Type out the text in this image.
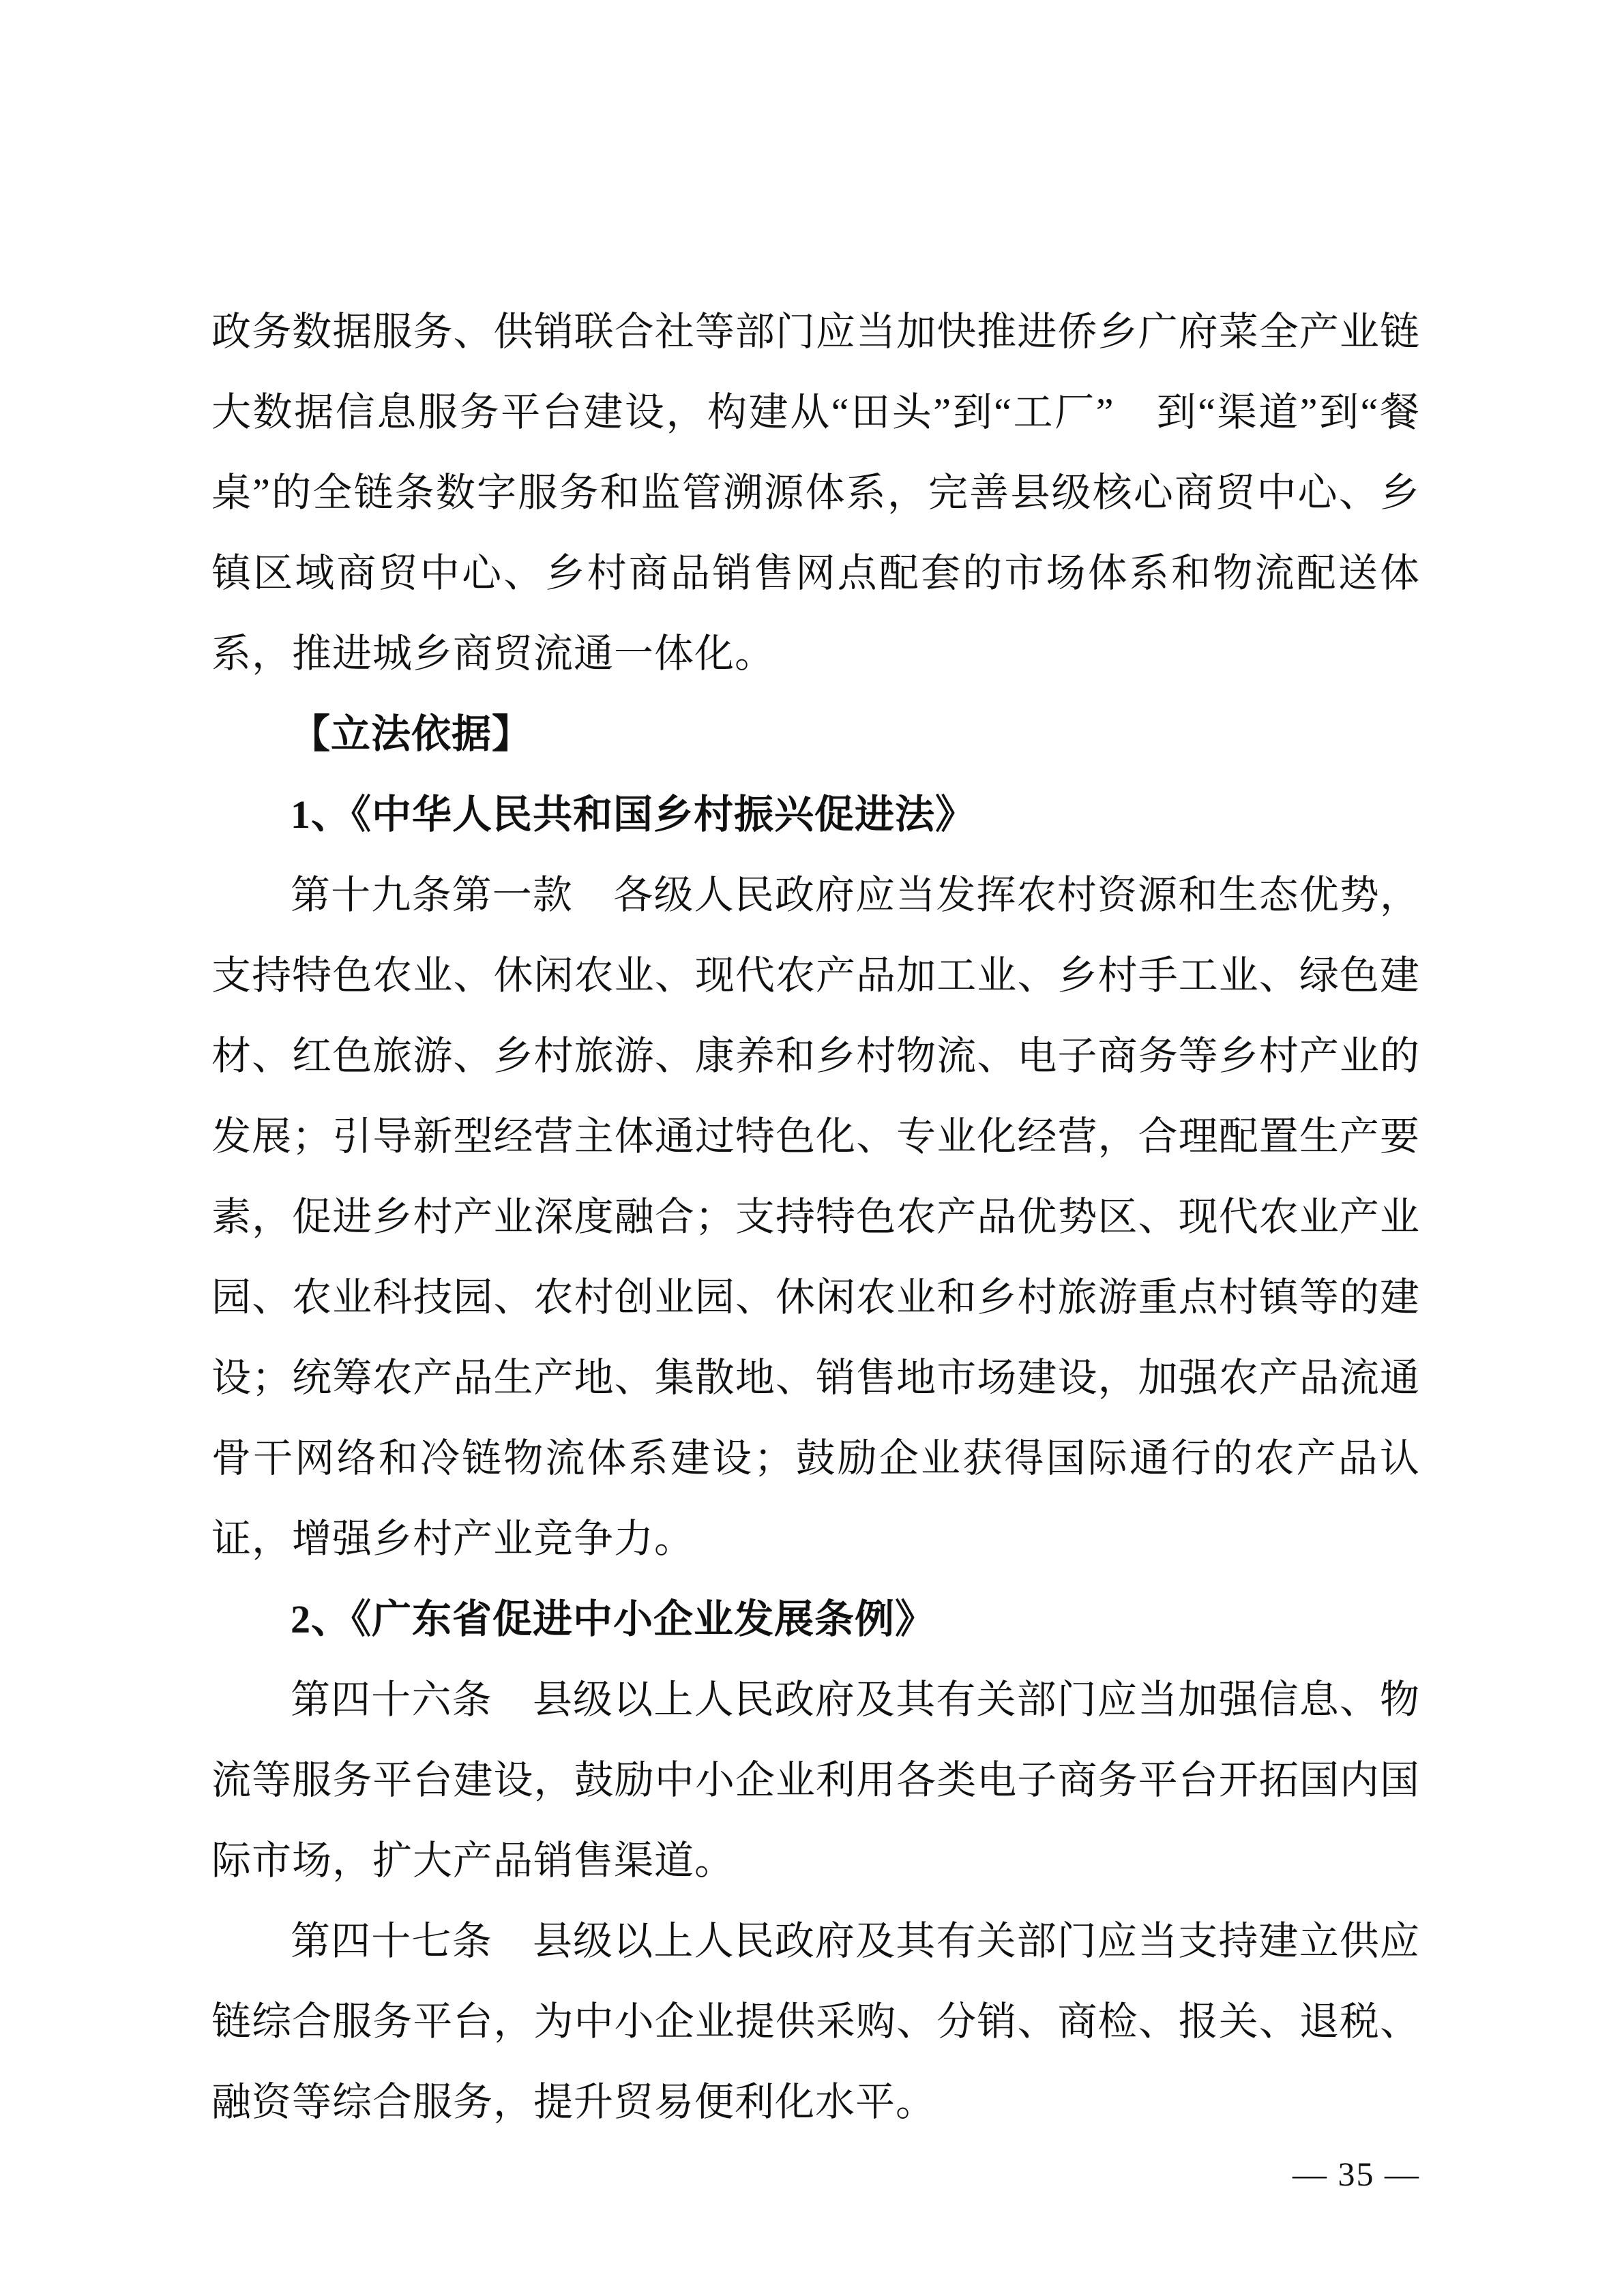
政务数据服务、供销联合社等部门应当加快推进侨乡广府菜全产业链大数据信息服务平台建设，构建从“田头”到“工厂”　到“渠道”到“餐桌”的全链条数字服务和监管溯源体系，完善县级核心商贸中心、乡镇区域商贸中心、乡村商品销售网点配套的市场体系和物流配送体系，推进城乡商贸流通一体化。

【立法依据】

1、《中华人民共和国乡村振兴促进法》

第十九条第一款　各级人民政府应当发挥农村资源和生态优势，支持特色农业、休闲农业、现代农产品加工业、乡村手工业、绿色建材、红色旅游、乡村旅游、康养和乡村物流、电子商务等乡村产业的发展；引导新型经营主体通过特色化、专业化经营，合理配置生产要素，促进乡村产业深度融合；支持特色农产品优势区、现代农业产业园、农业科技园、农村创业园、休闲农业和乡村旅游重点村镇等的建设；统筹农产品生产地、集散地、销售地市场建设，加强农产品流通骨干网络和冷链物流体系建设；鼓励企业获得国际通行的农产品认证，增强乡村产业竞争力。

2、《广东省促进中小企业发展条例》

第四十六条　县级以上人民政府及其有关部门应当加强信息、物流等服务平台建设，鼓励中小企业利用各类电子商务平台开拓国内国际市场，扩大产品销售渠道。

第四十七条　县级以上人民政府及其有关部门应当支持建立供应链综合服务平台，为中小企业提供采购、分销、商检、报关、退税、融资等综合服务，提升贸易便利化水平。

— 35 —
